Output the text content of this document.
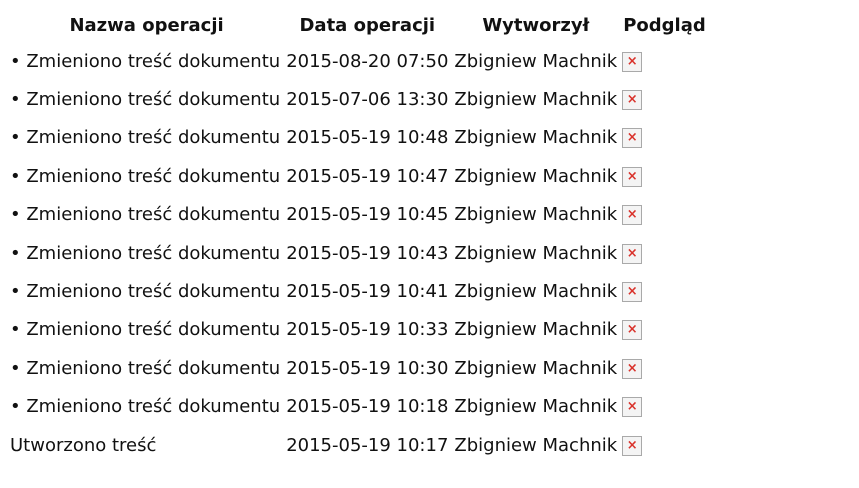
Nazwa operacji	Data operacji	Wytworzył	Podgląd
• Zmieniono treść dokumentu	2015-08-20 07:50	Zbigniew Machnik	×

• Zmieniono treść dokumentu	2015-07-06 13:30	Zbigniew Machnik	×

• Zmieniono treść dokumentu	2015-05-19 10:48	Zbigniew Machnik	×

• Zmieniono treść dokumentu	2015-05-19 10:47	Zbigniew Machnik	×

• Zmieniono treść dokumentu	2015-05-19 10:45	Zbigniew Machnik	×

• Zmieniono treść dokumentu	2015-05-19 10:43	Zbigniew Machnik	×

• Zmieniono treść dokumentu	2015-05-19 10:41	Zbigniew Machnik	×

• Zmieniono treść dokumentu	2015-05-19 10:33	Zbigniew Machnik	×

• Zmieniono treść dokumentu	2015-05-19 10:30	Zbigniew Machnik	×

• Zmieniono treść dokumentu	2015-05-19 10:18	Zbigniew Machnik	×

Utworzono treść	2015-05-19 10:17	Zbigniew Machnik	×
